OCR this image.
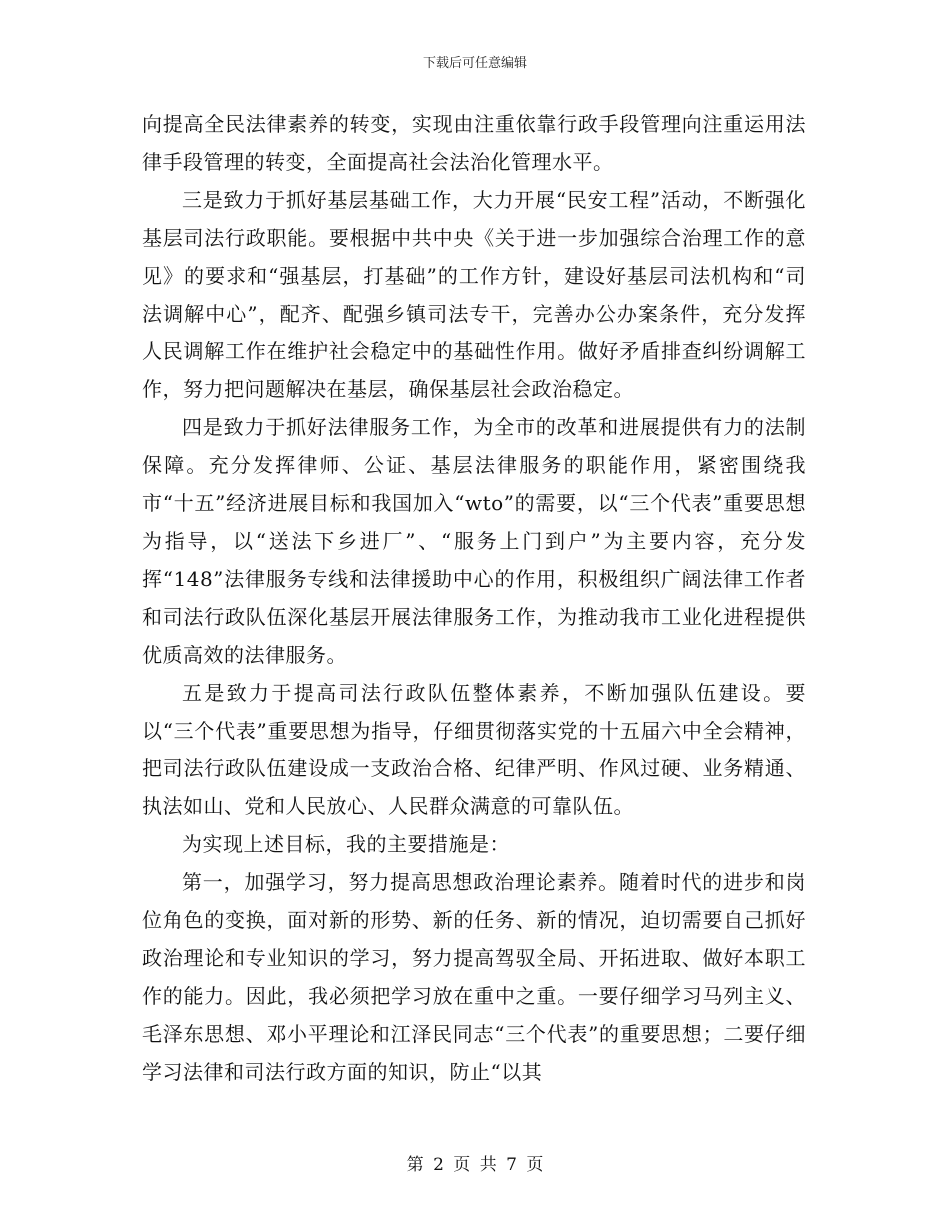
下载后可任意编辑

向提高全民法律素养的转变，实现由注重依靠行政手段管理向注重运用法律手段管理的转变，全面提高社会法治化管理水平。

三是致力于抓好基层基础工作，大力开展“民安工程”活动，不断强化基层司法行政职能。要根据中共中央《关于进一步加强综合治理工作的意见》的要求和“强基层，打基础”的工作方针，建设好基层司法机构和“司法调解中心”，配齐、配强乡镇司法专干，完善办公办案条件，充分发挥人民调解工作在维护社会稳定中的基础性作用。做好矛盾排查纠纷调解工作，努力把问题解决在基层，确保基层社会政治稳定。

四是致力于抓好法律服务工作，为全市的改革和进展提供有力的法制保障。充分发挥律师、公证、基层法律服务的职能作用，紧密围绕我市“十五”经济进展目标和我国加入“wto”的需要，以“三个代表”重要思想为指导，以“送法下乡进厂”、“服务上门到户”为主要内容，充分发挥“148”法律服务专线和法律援助中心的作用，积极组织广阔法律工作者和司法行政队伍深化基层开展法律服务工作，为推动我市工业化进程提供优质高效的法律服务。

五是致力于提高司法行政队伍整体素养，不断加强队伍建设。要以“三个代表”重要思想为指导，仔细贯彻落实党的十五届六中全会精神，把司法行政队伍建设成一支政治合格、纪律严明、作风过硬、业务精通、执法如山、党和人民放心、人民群众满意的可靠队伍。

为实现上述目标，我的主要措施是：

第一，加强学习，努力提高思想政治理论素养。随着时代的进步和岗位角色的变换，面对新的形势、新的任务、新的情况，迫切需要自己抓好政治理论和专业知识的学习，努力提高驾驭全局、开拓进取、做好本职工作的能力。因此，我必须把学习放在重中之重。一要仔细学习马列主义、毛泽东思想、邓小平理论和江泽民同志“三个代表”的重要思想；二要仔细学习法律和司法行政方面的知识，防止“以其

第 2 页 共 7 页
